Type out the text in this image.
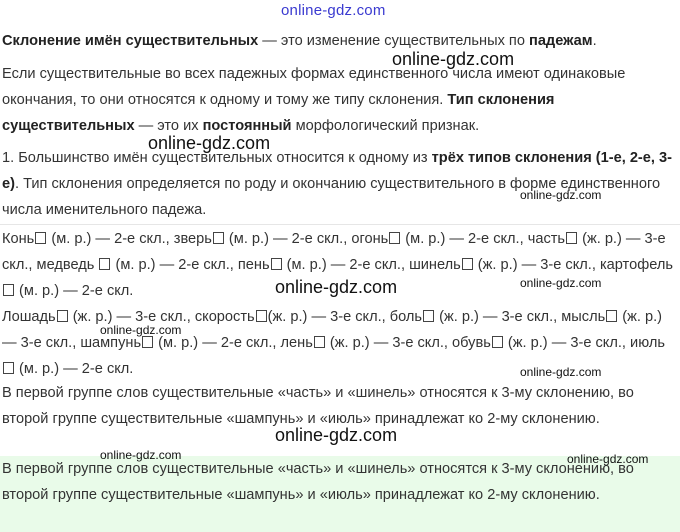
online-gdz.com

Склонение имён существительных — это изменение существительных по падежам.

Если существительные во всех падежных формах единственного числа имеют одинаковые окончания, то они относятся к одному и тому же типу склонения. Тип склонения существительных — это их постоянный морфологический признак.

1. Большинство имён существительных относится к одному из трёх типов склонения (1-е, 2-е, 3-е). Тип склонения определяется по роду и окончанию существительного в форме единственного числа именительного падежа.

Конь (м. р.) — 2-е скл., зверь (м. р.) — 2-е скл., огонь (м. р.) — 2-е скл., часть (ж. р.) — 3-е скл., медведь  (м. р.) — 2-е скл., пень (м. р.) — 2-е скл., шинель (ж. р.) — 3-е скл., картофель (м. р.) — 2-е скл.

Лошадь (ж. р.) — 3-е скл., скорость (ж. р.) — 3-е скл., боль (ж. р.) — 3-е скл., мысль (ж. р.) — 3-е скл., шампунь (м. р.) — 2-е скл., лень (ж. р.) — 3-е скл., обувь (ж. р.) — 3-е скл., июль (м. р.) — 2-е скл.

В первой группе слов существительные «часть» и «шинель» относятся к 3-му склонению, во второй группе существительные «шампунь» и «июль» принадлежат ко 2-му склонению.

В первой группе слов существительные «часть» и «шинель» относятся к 3-му склонению, во второй группе существительные «шампунь» и «июль» принадлежат ко 2-му склонению.

online-gdz.com
online-gdz.com
online-gdz.com
online-gdz.com	online-gdz.com
online-gdz.com
online-gdz.com
online-gdz.com
online-gdz.com	online-gdz.com
